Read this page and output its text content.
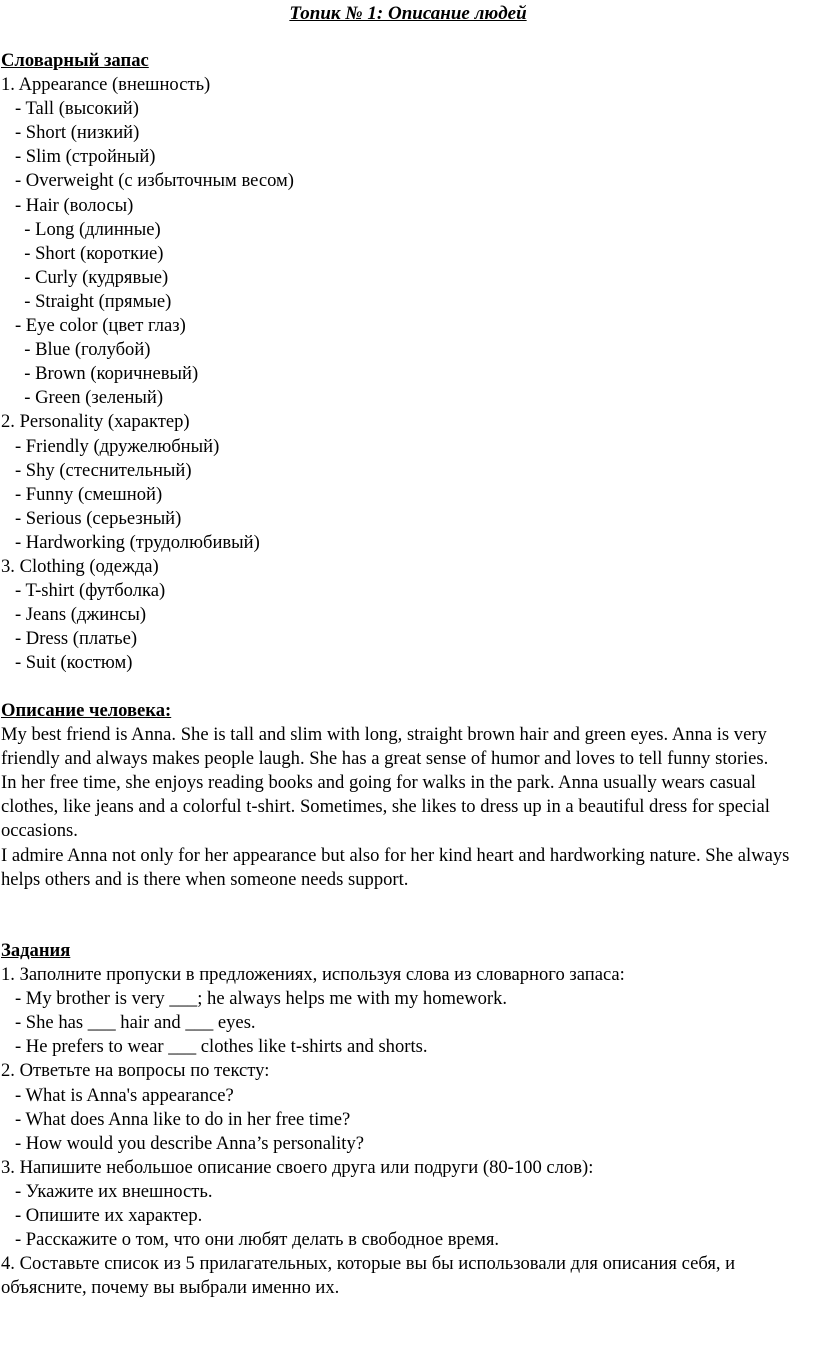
Топик № 1: Описание людей
Словарный запас
1. Appearance (внешность)
- Tall (высокий)
- Short (низкий)
- Slim (стройный)
- Overweight (с избыточным весом)
- Hair (волосы)
- Long (длинные)
- Short (короткие)
- Curly (кудрявые)
- Straight (прямые)
- Eye color (цвет глаз)
- Blue (голубой)
- Brown (коричневый)
- Green (зеленый)
2. Personality (характер)
- Friendly (дружелюбный)
- Shy (стеснительный)
- Funny (смешной)
- Serious (серьезный)
- Hardworking (трудолюбивый)
3. Clothing (одежда)
- T-shirt (футболка)
- Jeans (джинсы)
- Dress (платье)
- Suit (костюм)
Описание человека:
My best friend is Anna. She is tall and slim with long, straight brown hair and green eyes. Anna is very friendly and always makes people laugh. She has a great sense of humor and loves to tell funny stories.
In her free time, she enjoys reading books and going for walks in the park. Anna usually wears casual clothes, like jeans and a colorful t-shirt. Sometimes, she likes to dress up in a beautiful dress for special occasions.
I admire Anna not only for her appearance but also for her kind heart and hardworking nature. She always helps others and is there when someone needs support.
Задания
1. Заполните пропуски в предложениях, используя слова из словарного запаса:
- My brother is very ___; he always helps me with my homework.
- She has ___ hair and ___ eyes.
- He prefers to wear ___ clothes like t-shirts and shorts.
2. Ответьте на вопросы по тексту:
- What is Anna's appearance?
- What does Anna like to do in her free time?
- How would you describe Anna’s personality?
3. Напишите небольшое описание своего друга или подруги (80-100 слов):
- Укажите их внешность.
- Опишите их характер.
- Расскажите о том, что они любят делать в свободное время.
4. Составьте список из 5 прилагательных, которые вы бы использовали для описания себя, и объясните, почему вы выбрали именно их.
